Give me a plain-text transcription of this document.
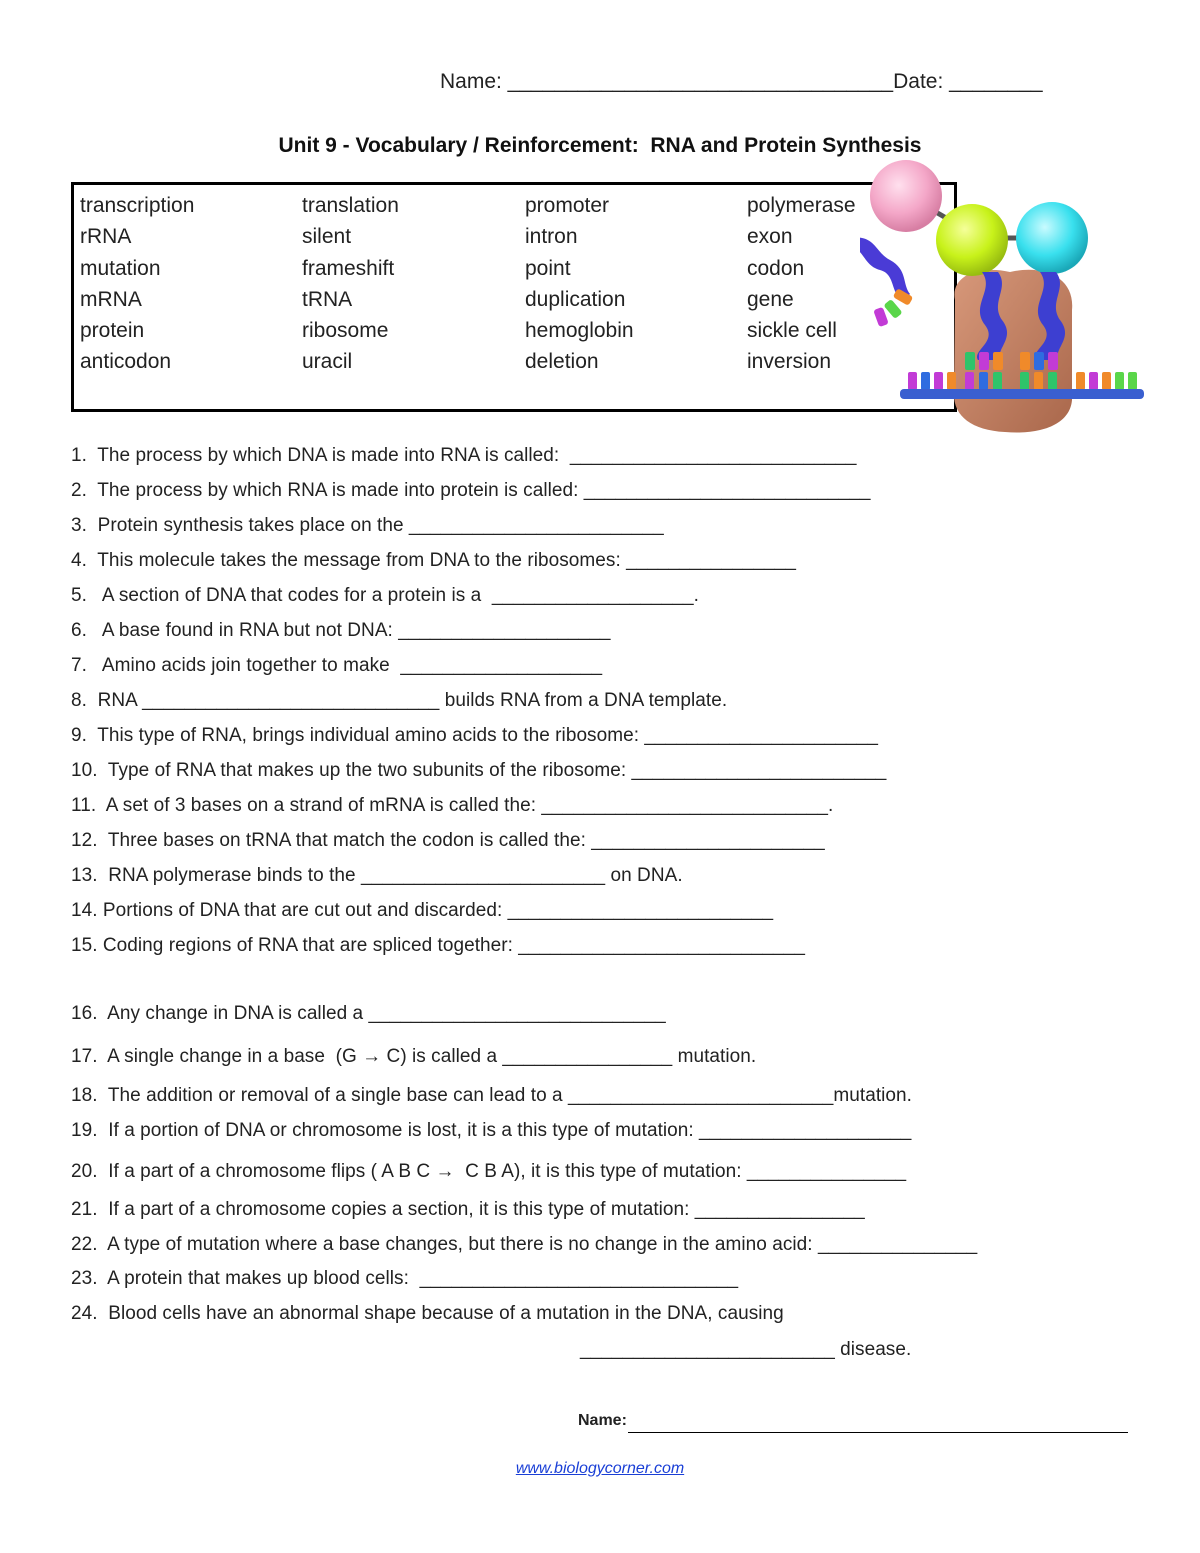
Name: _________________________________Date: ________
Unit 9 - Vocabulary / Reinforcement:  RNA and Protein Synthesis
transcription
rRNA
mutation
mRNA
protein
anticodon
translation
silent
frameshift
tRNA
ribosome
uracil
promoter
intron
point
duplication
hemoglobin
deletion
polymerase
exon
codon
gene
sickle cell
inversion
1.  The process by which DNA is made into RNA is called:  ___________________________
2.  The process by which RNA is made into protein is called: ___________________________
3.  Protein synthesis takes place on the ________________________
4.  This molecule takes the message from DNA to the ribosomes: ________________
5.   A section of DNA that codes for a protein is a  ___________________.
6.   A base found in RNA but not DNA: ____________________
7.   Amino acids join together to make  ___________________
8.  RNA ____________________________ builds RNA from a DNA template.
9.  This type of RNA, brings individual amino acids to the ribosome: ______________________
10.  Type of RNA that makes up the two subunits of the ribosome: ________________________
11.  A set of 3 bases on a strand of mRNA is called the: ___________________________.
12.  Three bases on tRNA that match the codon is called the: ______________________
13.  RNA polymerase binds to the _______________________ on DNA.
14. Portions of DNA that are cut out and discarded: _________________________
15. Coding regions of RNA that are spliced together: ___________________________
16.  Any change in DNA is called a ____________________________
17.  A single change in a base  (G → C) is called a ________________ mutation.
18.  The addition or removal of a single base can lead to a _________________________mutation.
19.  If a portion of DNA or chromosome is lost, it is a this type of mutation: ____________________
20.  If a part of a chromosome flips ( A B C →  C B A), it is this type of mutation: _______________
21.  If a part of a chromosome copies a section, it is this type of mutation: ________________
22.  A type of mutation where a base changes, but there is no change in the amino acid: _______________
23.  A protein that makes up blood cells:  ______________________________
24.  Blood cells have an abnormal shape because of a mutation in the DNA, causing
________________________ disease.
Name:
www.biologycorner.com
